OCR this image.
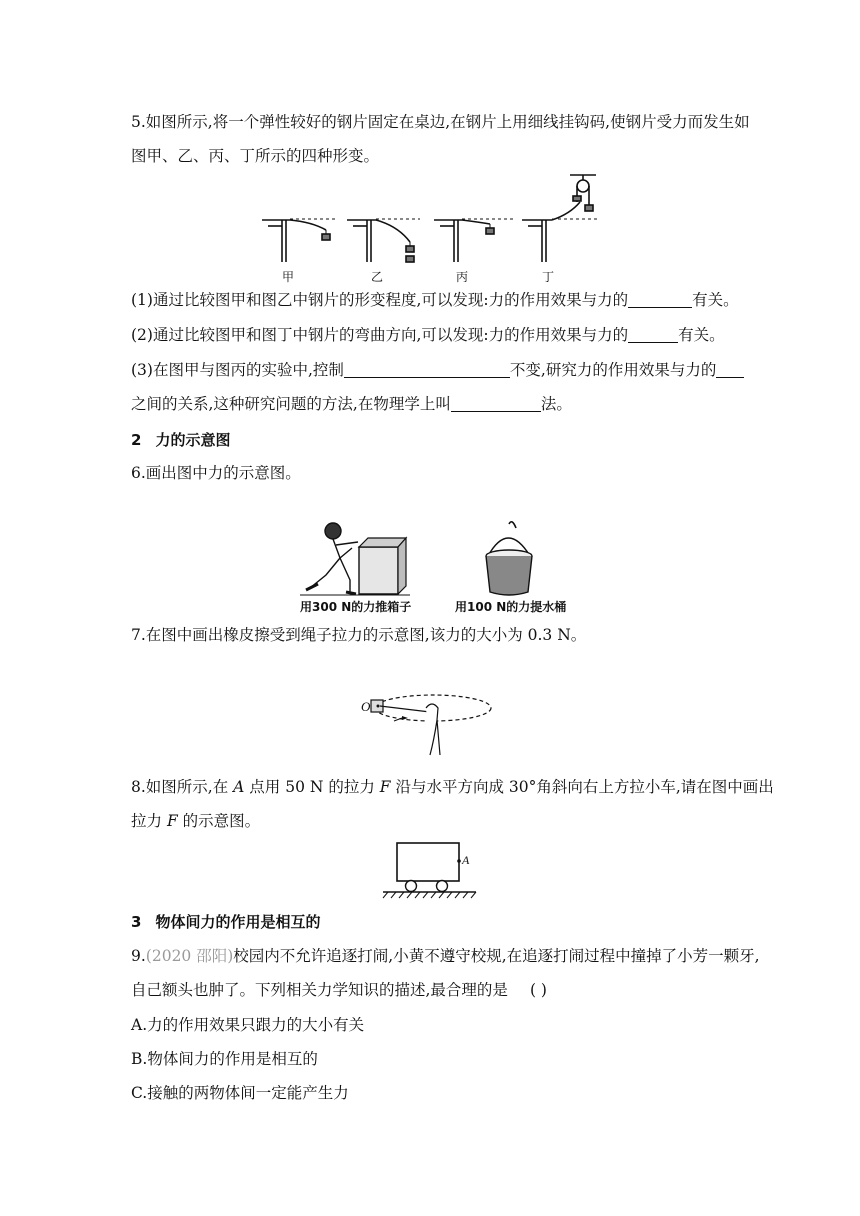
5.如图所示,将一个弹性较好的钢片固定在桌边,在钢片上用细线挂钩码,使钢片受力而发生如
图甲、乙、丙、丁所示的四种形变。
甲	乙	丙	丁
(1)通过比较图甲和图乙中钢片的形变程度,可以发现:力的作用效果与力的	有关。
(2)通过比较图甲和图丁中钢片的弯曲方向,可以发现:力的作用效果与力的	有关。
(3)在图甲与图丙的实验中,控制	不变,研究力的作用效果与力的
之间的关系,这种研究问题的方法,在物理学上叫	法。
2 力的示意图
6.画出图中力的示意图。
用300 N的力推箱子	用100 N的力提水桶
7.在图中画出橡皮擦受到绳子拉力的示意图,该力的大小为 0.3 N。
O
8.如图所示,在 A 点用 50 N 的拉力 F 沿与水平方向成 30°角斜向右上方拉小车,请在图中画出
拉力 F 的示意图。
A
3 物体间力的作用是相互的
9.(2020 邵阳)校园内不允许追逐打闹,小黄不遵守校规,在追逐打闹过程中撞掉了小芳一颗牙,
自己额头也肿了。下列相关力学知识的描述,最合理的是 ( )
A.力的作用效果只跟力的大小有关
B.物体间力的作用是相互的
C.接触的两物体间一定能产生力
